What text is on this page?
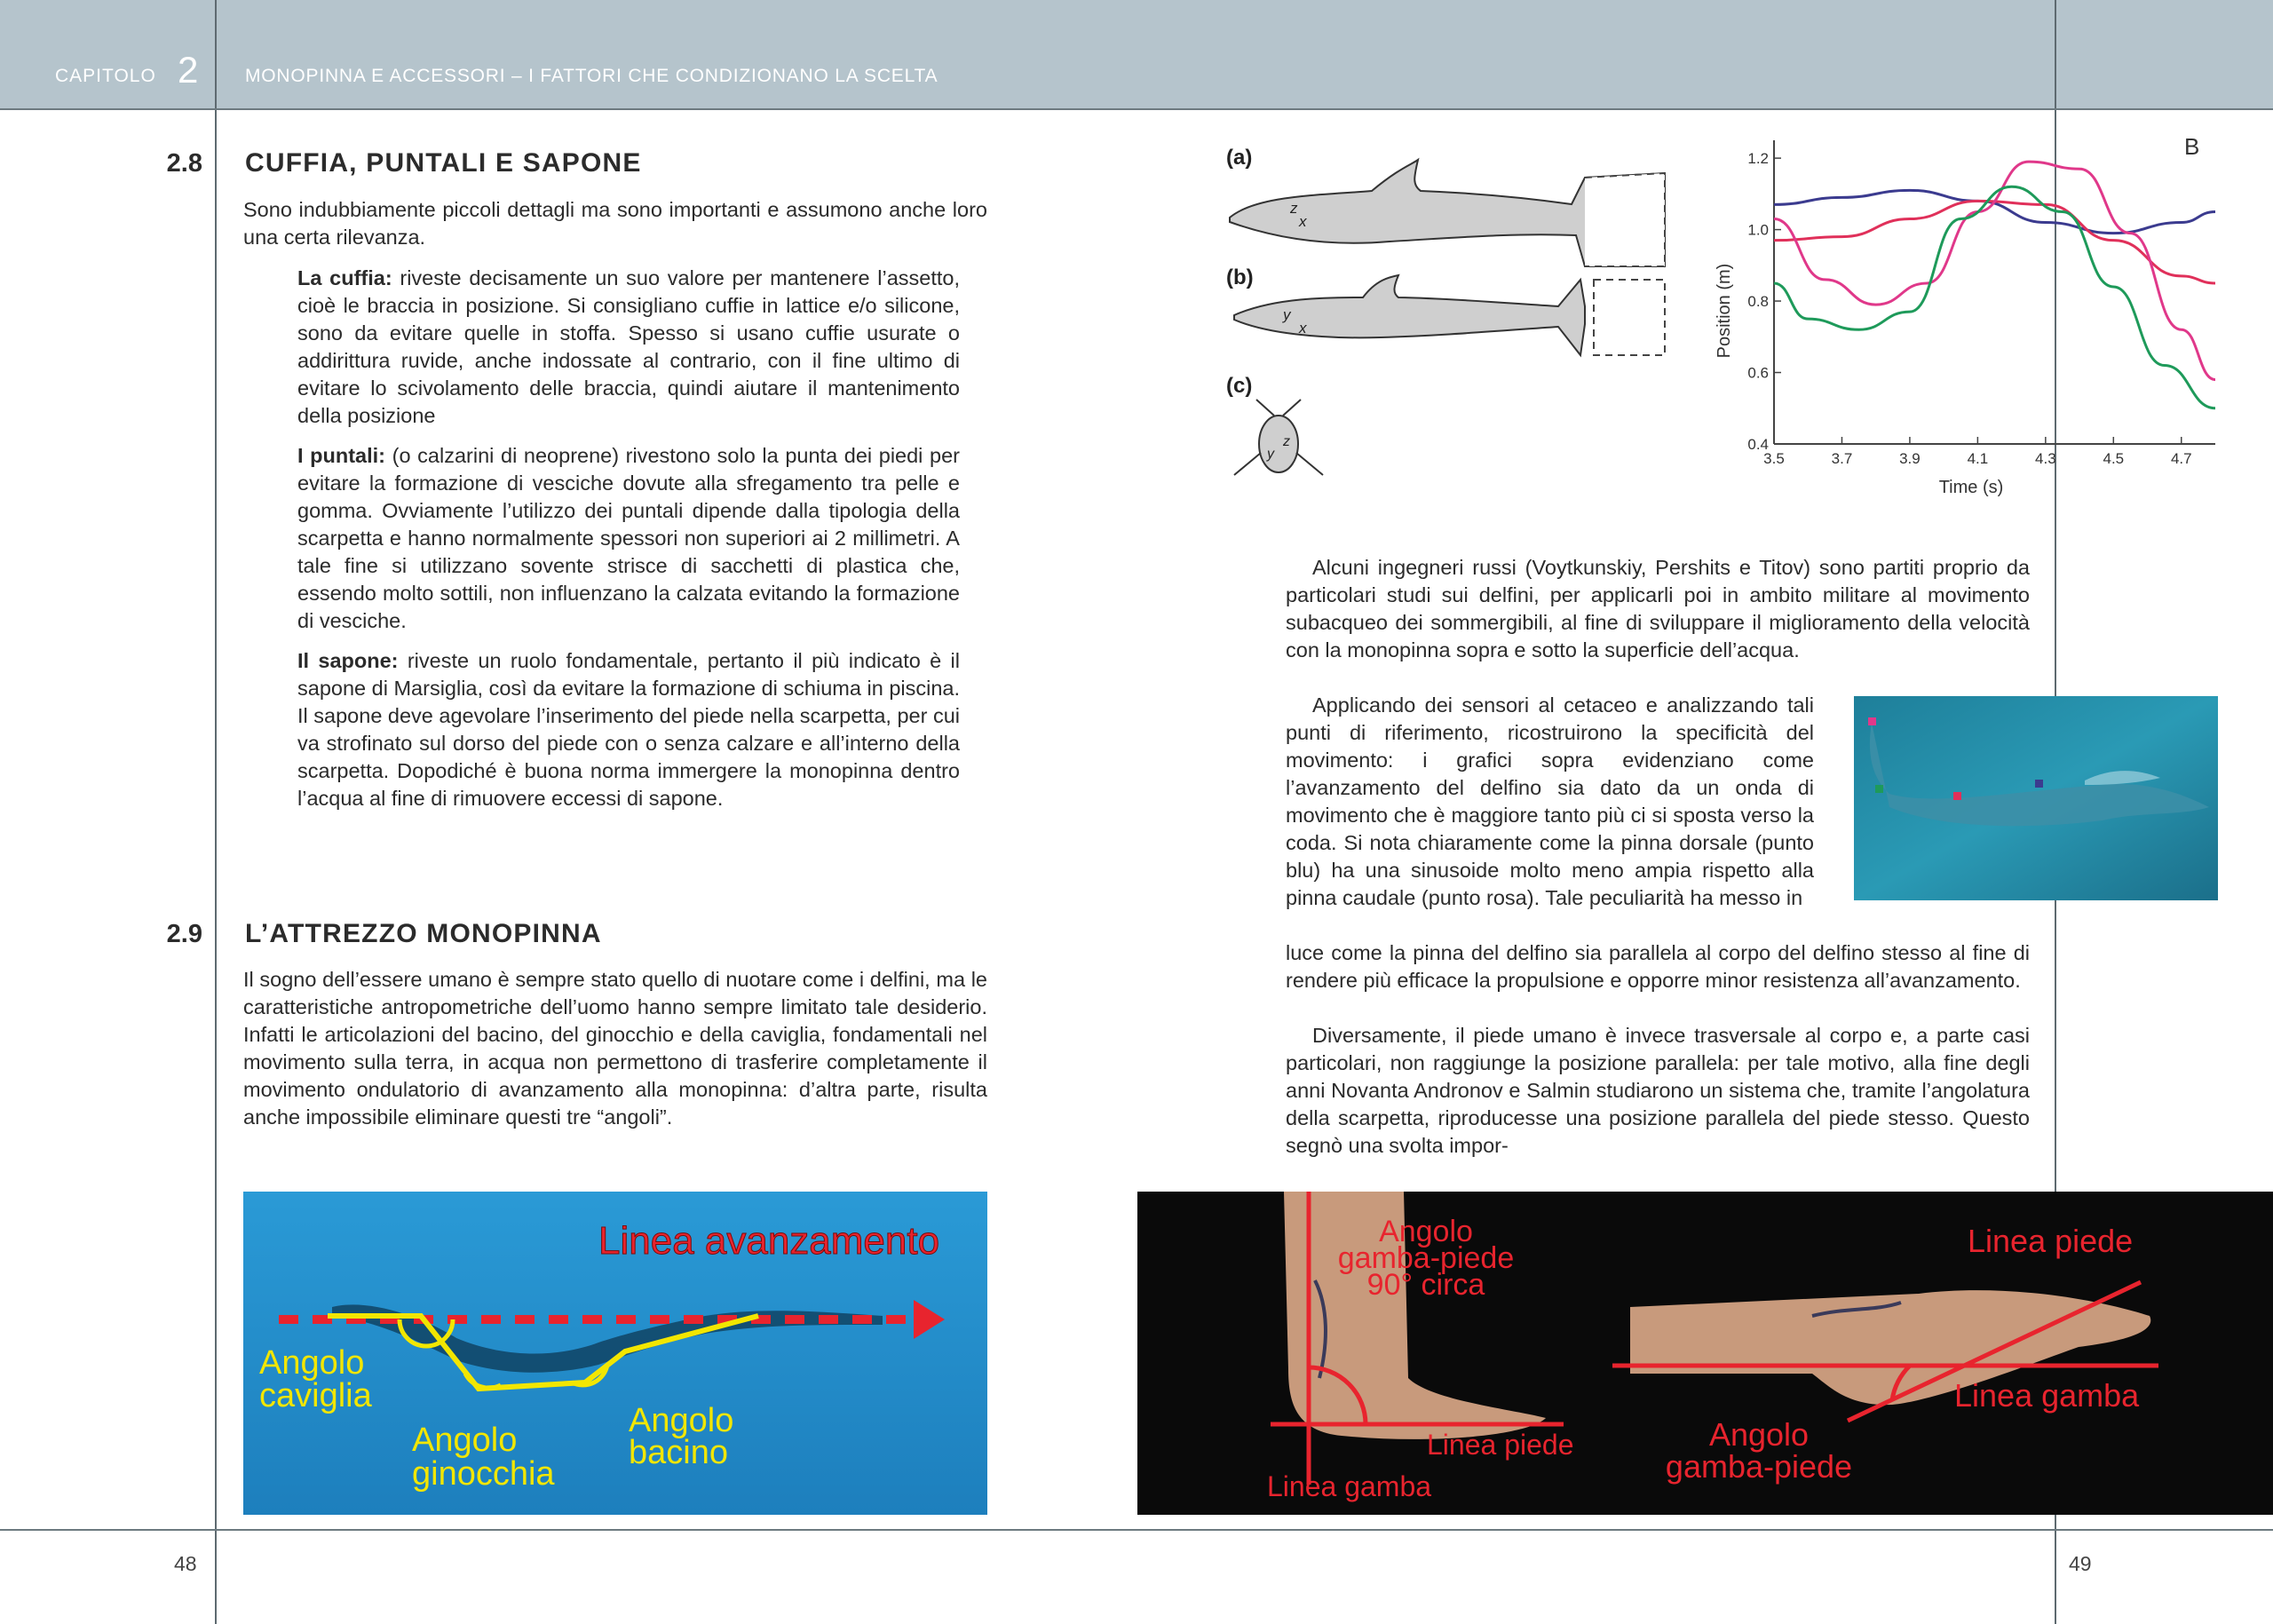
CAPITOLO 2	MONOPINNA E ACCESSORI – I FATTORI CHE CONDIZIONANO LA SCELTA
2.8 CUFFIA, PUNTALI E SAPONE

Sono indubbiamente piccoli dettagli ma sono importanti e assumono anche loro una certa rilevanza.

La cuffia: riveste decisamente un suo valore per mantenere l’assetto, cioè le braccia in posizione. Si consigliano cuffie in lattice e/o silicone, sono da evitare quelle in stoffa. Spesso si usano cuffie usurate o addirittura ruvide, anche indossate al contrario, con il fine ultimo di evitare lo scivolamento delle braccia, quindi aiutare il mantenimento della posizione

I puntali: (o calzarini di neoprene) rivestono solo la punta dei piedi per evitare la formazione di vesciche dovute alla sfregamento tra pelle e gomma. Ovviamente l’utilizzo dei puntali dipende dalla tipologia della scarpetta e hanno normalmente spessori non superiori ai 2 millimetri. A tale fine si utilizzano sovente strisce di sacchetti di plastica che, essendo molto sottili, non influenzano la calzata evitando la formazione di vesciche.

Il sapone: riveste un ruolo fondamentale, pertanto il più indicato è il sapone di Marsiglia, così da evitare la formazione di schiuma in piscina. Il sapone deve agevolare l’inserimento del piede nella scarpetta, per cui va strofinato sul dorso del piede con o senza calzare e all’interno della scarpetta. Dopodiché è buona norma immergere la monopinna dentro l’acqua al fine di rimuovere eccessi di sapone.

2.9 L’ATTREZZO MONOPINNA

Il sogno dell’essere umano è sempre stato quello di nuotare come i delfini, ma le caratteristiche antropometriche dell’uomo hanno sempre limitato tale desiderio. Infatti le articolazioni del bacino, del ginocchio e della caviglia, fondamentali nel movimento sulla terra, in acqua non permettono di trasferire completamente il movimento ondulatorio di avanzamento alla monopinna: d’altra parte, risulta anche impossibile eliminare questi tre “angoli”.

(a)
(b)
(c)
z
x
y
x
z
y	3.5	3.7	3.9	4.1	4.3	4.5	4.7
0.4
0.6
0.8
1.0
1.2	B
Time (s)
Position (m)

Alcuni ingegneri russi (Voytkunskiy, Pershits e Titov) sono partiti proprio da particolari studi sui delfini, per applicarli poi in ambito militare al movimento subacqueo dei sommergibili, al fine di sviluppare il miglioramento della velocità con la monopinna sopra e sotto la superficie dell’acqua.

Applicando dei sensori al cetaceo e analizzando tali punti di riferimento, ricostruirono la specificità del movimento: i grafici sopra evidenziano come l’avanzamento del delfino sia dato da un onda di movimento che è maggiore tanto più ci si sposta verso la coda. Si nota chiaramente come la pinna dorsale (punto blu) ha una sinusoide molto meno ampia rispetto alla pinna caudale (punto rosa). Tale peculiarità ha messo in

luce come la pinna del delfino sia parallela al corpo del delfino stesso al fine di rendere più efficace la propulsione e opporre minor resistenza all’avanzamento.

Diversamente, il piede umano è invece trasversale al corpo e, a parte casi particolari, non raggiunge la posizione parallela: per tale motivo, alla fine degli anni Novanta Andronov e Salmin studiarono un sistema che, tramite l’angolatura della scarpetta, riproducesse una posizione parallela del piede stesso. Questo segnò una svolta impor-

Linea avanzamento
Angolo
caviglia
Angolo
ginocchia
Angolo
bacino
Angolo
gamba-piede
90° circa
Linea piede
Linea gamba
Linea piede
Linea gamba
Angolo
gamba-piede
48	49
